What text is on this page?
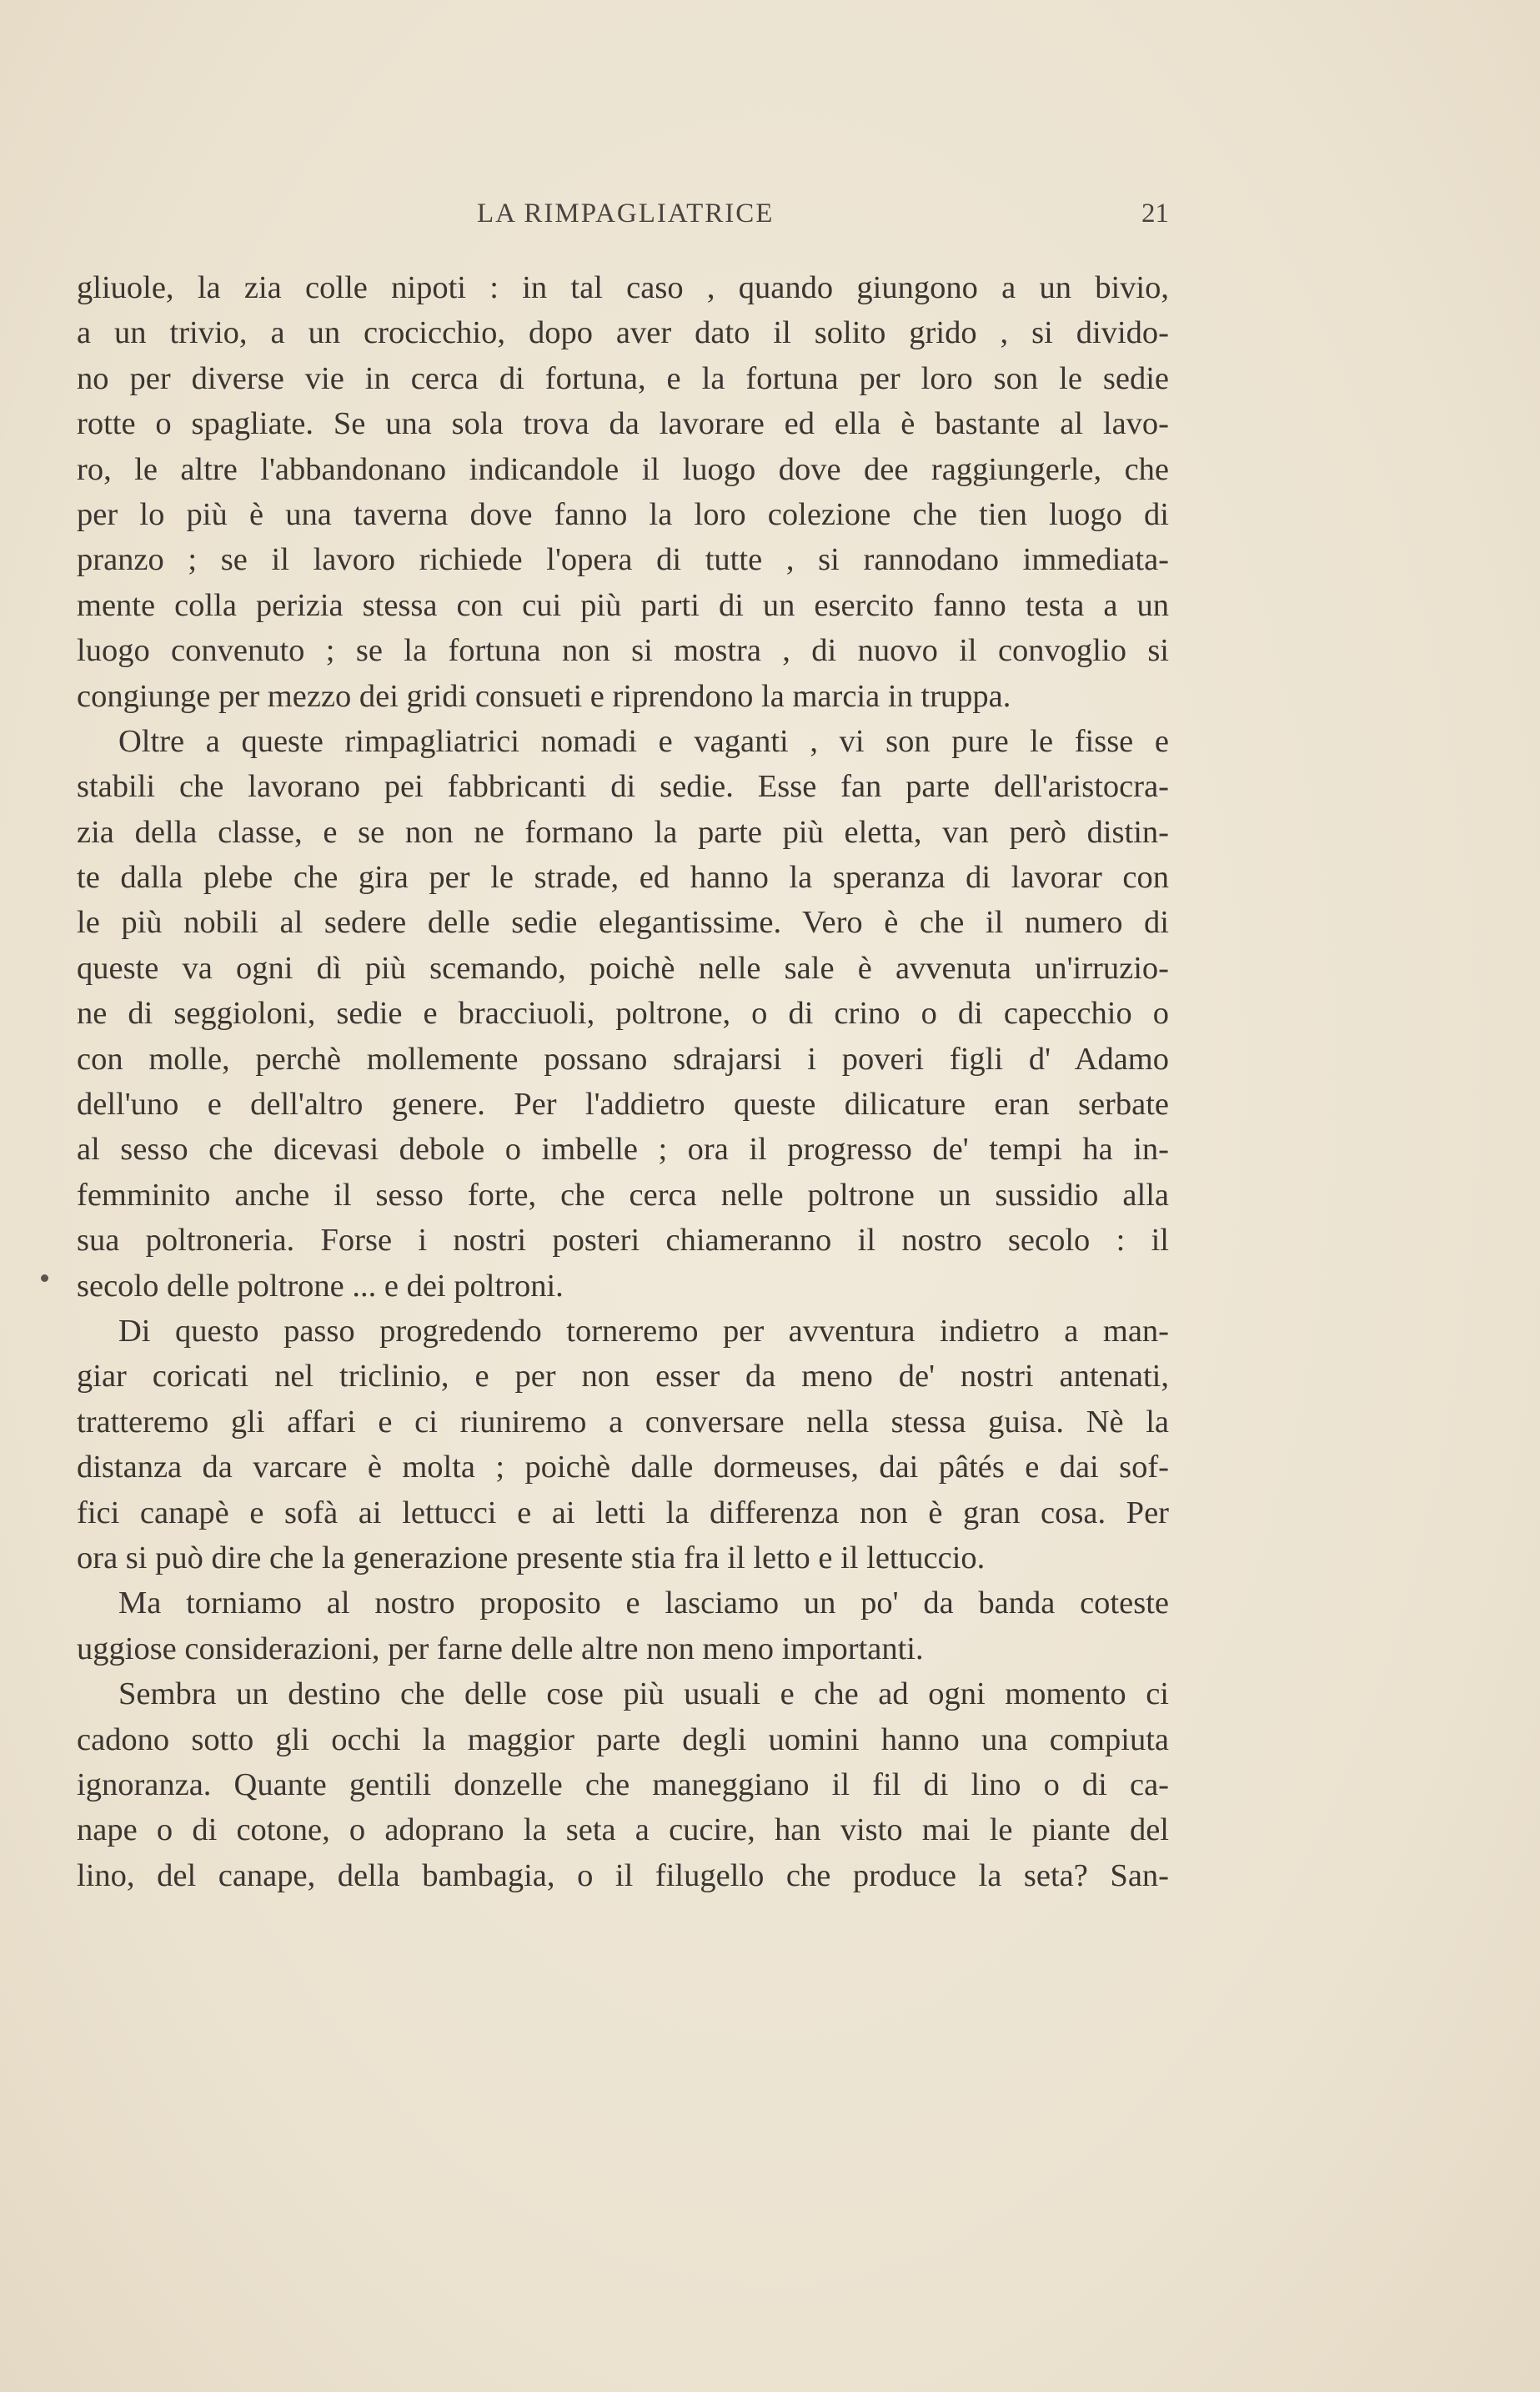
LA RIMPAGLIATRICE	21
gliuole, la zia colle nipoti : in tal caso , quando giungono a un bivio,
a un trivio, a un crocicchio, dopo aver dato il solito grido , si divido-
no per diverse vie in cerca di fortuna, e la fortuna per loro son le sedie
rotte o spagliate. Se una sola trova da lavorare ed ella è bastante al lavo-
ro, le altre l'abbandonano indicandole il luogo dove dee raggiungerle, che
per lo più è una taverna dove fanno la loro colezione che tien luogo di
pranzo ; se il lavoro richiede l'opera di tutte , si rannodano immediata-
mente colla perizia stessa con cui più parti di un esercito fanno testa a un
luogo convenuto ; se la fortuna non si mostra , di nuovo il convoglio si
congiunge per mezzo dei gridi consueti e riprendono la marcia in truppa.
Oltre a queste rimpagliatrici nomadi e vaganti , vi son pure le fisse e
stabili che lavorano pei fabbricanti di sedie. Esse fan parte dell'aristocra-
zia della classe, e se non ne formano la parte più eletta, van però distin-
te dalla plebe che gira per le strade, ed hanno la speranza di lavorar con
le più nobili al sedere delle sedie elegantissime. Vero è che il numero di
queste va ogni dì più scemando, poichè nelle sale è avvenuta un'irruzio-
ne di seggioloni, sedie e bracciuoli, poltrone, o di crino o di capecchio o
con molle, perchè mollemente possano sdrajarsi i poveri figli d' Adamo
dell'uno e dell'altro genere. Per l'addietro queste dilicature eran serbate
al sesso che dicevasi debole o imbelle ; ora il progresso de' tempi ha in-
femminito anche il sesso forte, che cerca nelle poltrone un sussidio alla
sua poltroneria. Forse i nostri posteri chiameranno il nostro secolo : il
secolo delle poltrone ... e dei poltroni.
Di questo passo progredendo torneremo per avventura indietro a man-
giar coricati nel triclinio, e per non esser da meno de' nostri antenati,
tratteremo gli affari e ci riuniremo a conversare nella stessa guisa. Nè la
distanza da varcare è molta ; poichè dalle dormeuses, dai pâtés e dai sof-
fici canapè e sofà ai lettucci e ai letti la differenza non è gran cosa. Per
ora si può dire che la generazione presente stia fra il letto e il lettuccio.
Ma torniamo al nostro proposito e lasciamo un po' da banda coteste
uggiose considerazioni, per farne delle altre non meno importanti.
Sembra un destino che delle cose più usuali e che ad ogni momento ci
cadono sotto gli occhi la maggior parte degli uomini hanno una compiuta
ignoranza. Quante gentili donzelle che maneggiano il fil di lino o di ca-
nape o di cotone, o adoprano la seta a cucire, han visto mai le piante del
lino, del canape, della bambagia, o il filugello che produce la seta? San-
